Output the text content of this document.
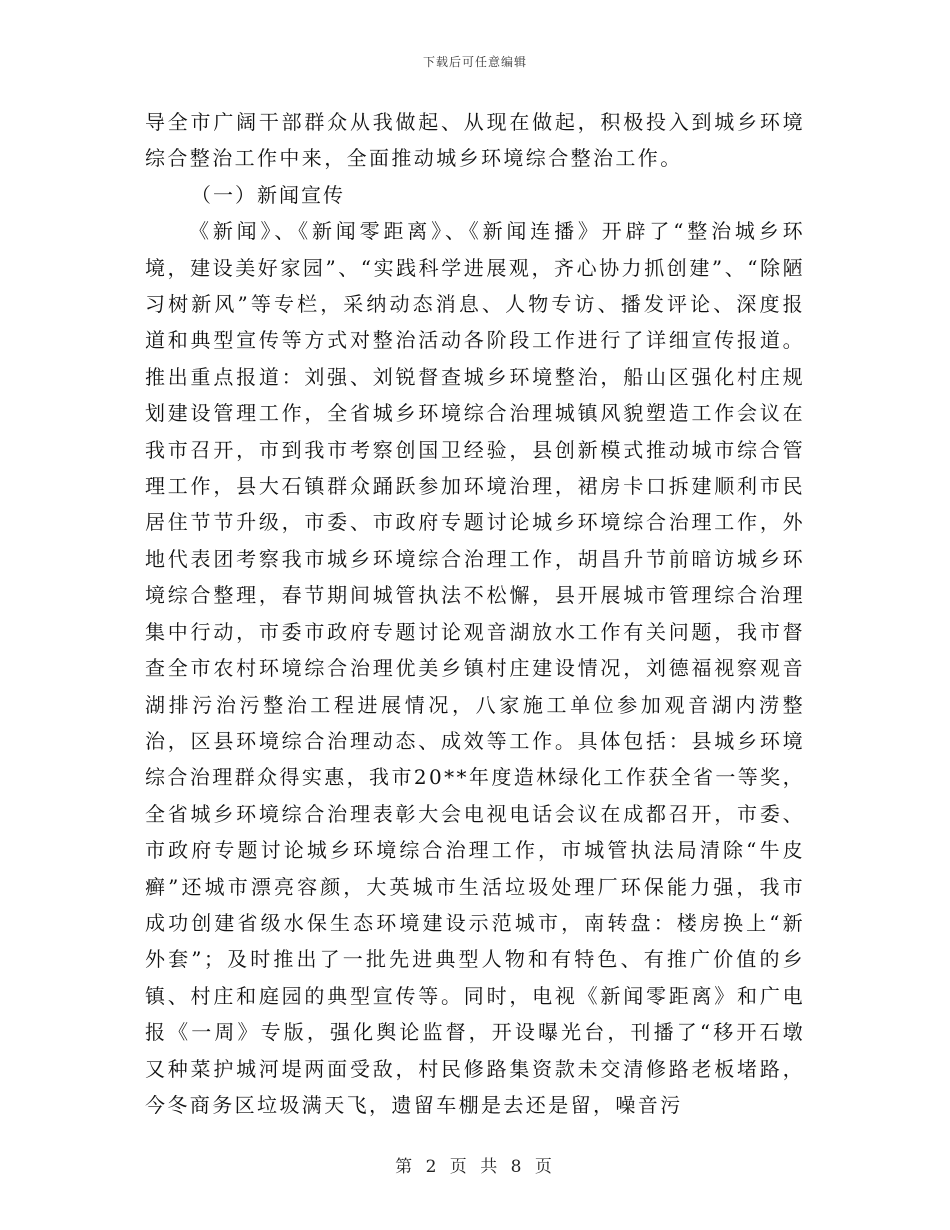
下载后可任意编辑

导全市广阔干部群众从我做起、从现在做起，积极投入到城乡环境综合整治工作中来，全面推动城乡环境综合整治工作。

（一）新闻宣传

《新闻》、《新闻零距离》、《新闻连播》开辟了“整治城乡环境，建设美好家园”、“实践科学进展观，齐心协力抓创建”、“除陋习树新风”等专栏，采纳动态消息、人物专访、播发评论、深度报道和典型宣传等方式对整治活动各阶段工作进行了详细宣传报道。推出重点报道：刘强、刘锐督查城乡环境整治，船山区强化村庄规划建设管理工作，全省城乡环境综合治理城镇风貌塑造工作会议在我市召开，市到我市考察创国卫经验，县创新模式推动城市综合管理工作，县大石镇群众踊跃参加环境治理，裙房卡口拆建顺利市民居住节节升级，市委、市政府专题讨论城乡环境综合治理工作，外地代表团考察我市城乡环境综合治理工作，胡昌升节前暗访城乡环境综合整理，春节期间城管执法不松懈，县开展城市管理综合治理集中行动，市委市政府专题讨论观音湖放水工作有关问题，我市督查全市农村环境综合治理优美乡镇村庄建设情况，刘德福视察观音湖排污治污整治工程进展情况，八家施工单位参加观音湖内涝整治，区县环境综合治理动态、成效等工作。具体包括：县城乡环境综合治理群众得实惠，我市20**年度造林绿化工作获全省一等奖，全省城乡环境综合治理表彰大会电视电话会议在成都召开，市委、市政府专题讨论城乡环境综合治理工作，市城管执法局清除“牛皮癣”还城市漂亮容颜，大英城市生活垃圾处理厂环保能力强，我市成功创建省级水保生态环境建设示范城市，南转盘：楼房换上“新外套”；及时推出了一批先进典型人物和有特色、有推广价值的乡镇、村庄和庭园的典型宣传等。同时，电视《新闻零距离》和广电报《一周》专版，强化舆论监督，开设曝光台，刊播了“移开石墩又种菜护城河堤两面受敌，村民修路集资款未交清修路老板堵路，今冬商务区垃圾满天飞，遗留车棚是去还是留，噪音污

第 2 页 共 8 页
